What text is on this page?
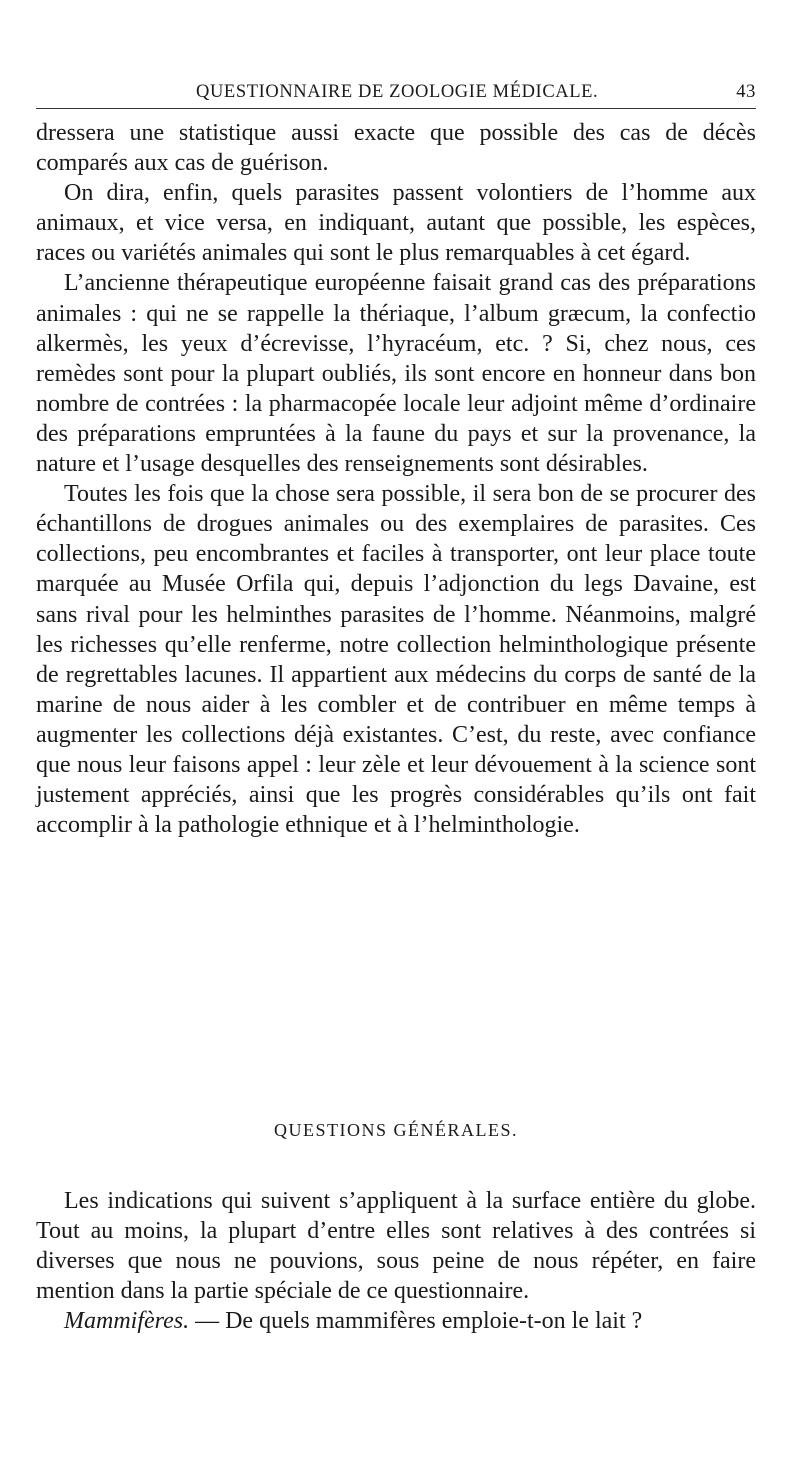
QUESTIONNAIRE DE ZOOLOGIE MÉDICALE.	43

dressera une statistique aussi exacte que possible des cas de décès comparés aux cas de guérison.

On dira, enfin, quels parasites passent volontiers de l’homme aux animaux, et vice versa, en indiquant, autant que possible, les espèces, races ou variétés animales qui sont le plus remarquables à cet égard.

L’ancienne thérapeutique européenne faisait grand cas des préparations animales : qui ne se rappelle la thériaque, l’album græcum, la confectio alkermès, les yeux d’écrevisse, l’hyracéum, etc. ? Si, chez nous, ces remèdes sont pour la plupart oubliés, ils sont encore en honneur dans bon nombre de contrées : la pharmacopée locale leur adjoint même d’ordinaire des préparations empruntées à la faune du pays et sur la provenance, la nature et l’usage desquelles des renseignements sont désirables.

Toutes les fois que la chose sera possible, il sera bon de se procurer des échantillons de drogues animales ou des exemplaires de parasites. Ces collections, peu encombrantes et faciles à transporter, ont leur place toute marquée au Musée Orfila qui, depuis l’adjonction du legs Davaine, est sans rival pour les helminthes parasites de l’homme. Néanmoins, malgré les richesses qu’elle renferme, notre collection helminthologique présente de regrettables lacunes. Il appartient aux médecins du corps de santé de la marine de nous aider à les combler et de contribuer en même temps à augmenter les collections déjà existantes. C’est, du reste, avec confiance que nous leur faisons appel : leur zèle et leur dévouement à la science sont justement appréciés, ainsi que les progrès considérables qu’ils ont fait accomplir à la pathologie ethnique et à l’helminthologie.

QUESTIONS GÉNÉRALES.

Les indications qui suivent s’appliquent à la surface entière du globe. Tout au moins, la plupart d’entre elles sont relatives à des contrées si diverses que nous ne pouvions, sous peine de nous répéter, en faire mention dans la partie spéciale de ce questionnaire.

Mammifères. — De quels mammifères emploie-t-on le lait ?
